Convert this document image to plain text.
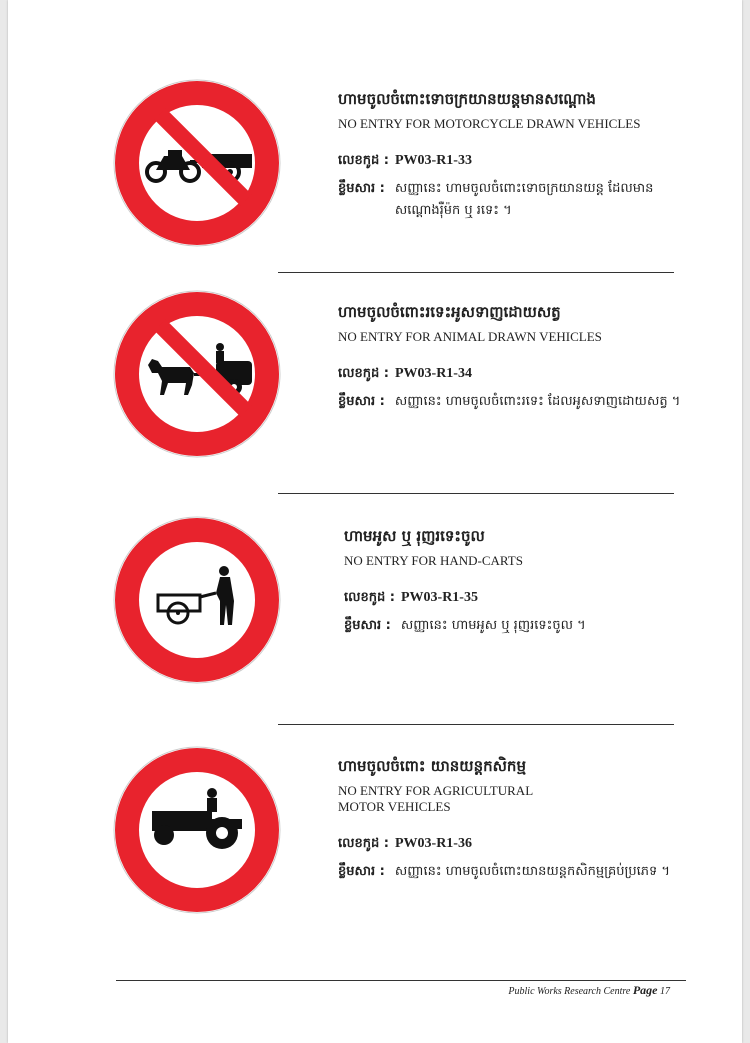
ហាមចូលចំពោះទោចក្រយានយន្តមានសណ្តោង

NO ENTRY FOR MOTORCYCLE DRAWN VEHICLES

លេខកូដ : PW03-R1-33
ខ្លឹមសារ : សញ្ញានេះ ហាមចូលចំពោះទោចក្រយានយន្ត ដែលមានសណ្តោងរ៉ឺម៉ក ឬ រទេះ ។

ហាមចូលចំពោះរទេះអូសទាញដោយសត្វ

NO ENTRY FOR ANIMAL DRAWN VEHICLES

លេខកូដ : PW03-R1-34
ខ្លឹមសារ : សញ្ញានេះ ហាមចូលចំពោះរទេះ ដែលអូសទាញដោយសត្វ ។

ហាមអូស ឬ រុញរទេះចូល

NO ENTRY FOR HAND-CARTS

លេខកូដ : PW03-R1-35
ខ្លឹមសារ : សញ្ញានេះ ហាមអូស ឬ រុញរទេះចូល ។

ហាមចូលចំពោះ យានយន្តកសិកម្ម

NO ENTRY FOR AGRICULTURAL MOTOR VEHICLES

លេខកូដ : PW03-R1-36
ខ្លឹមសារ : សញ្ញានេះ ហាមចូលចំពោះយានយន្តកសិកម្មគ្រប់ប្រភេទ ។
Public Works Research Centre Page 17
